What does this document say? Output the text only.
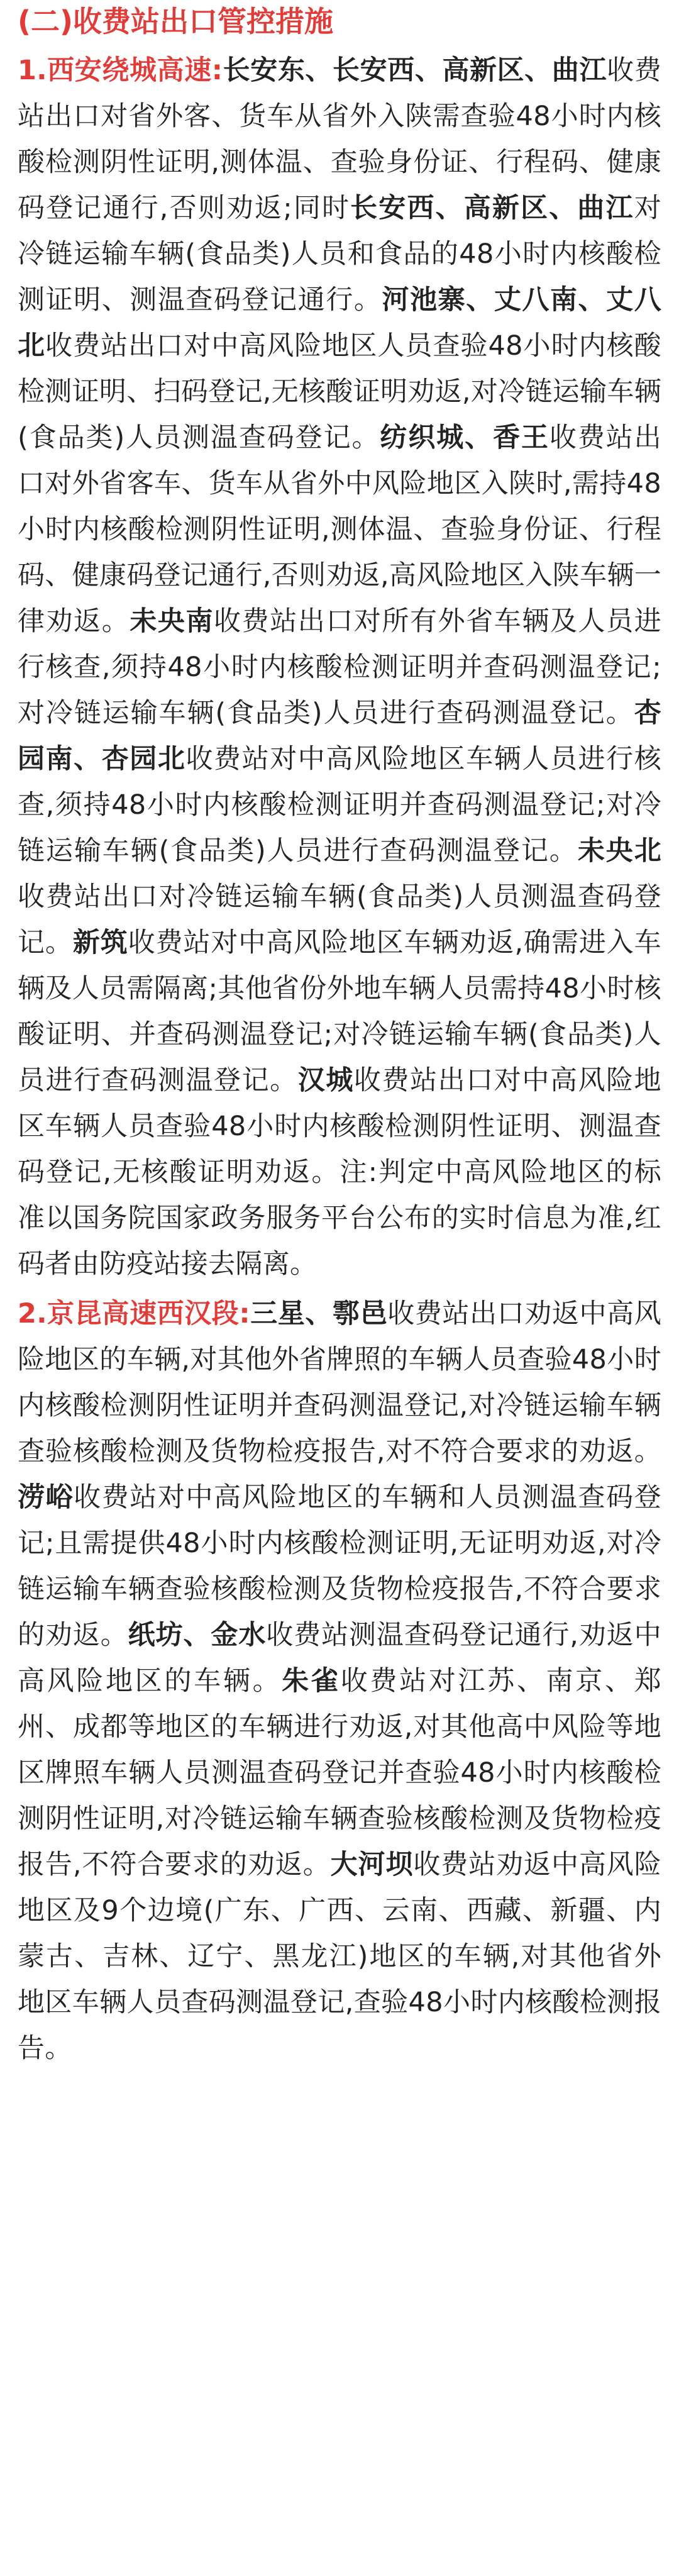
(二)收费站出口管控措施

1.西安绕城高速:长安东、长安西、高新区、曲江收费站出口对省外客、货车从省外入陕需查验48小时内核酸检测阴性证明,测体温、查验身份证、行程码、健康码登记通行,否则劝返;同时长安西、高新区、曲江对冷链运输车辆(食品类)人员和食品的48小时内核酸检测证明、测温查码登记通行。河池寨、丈八南、丈八北收费站出口对中高风险地区人员查验48小时内核酸检测证明、扫码登记,无核酸证明劝返,对冷链运输车辆(食品类)人员测温查码登记。纺织城、香王收费站出口对外省客车、货车从省外中风险地区入陕时,需持48小时内核酸检测阴性证明,测体温、查验身份证、行程码、健康码登记通行,否则劝返,高风险地区入陕车辆一律劝返。未央南收费站出口对所有外省车辆及人员进行核查,须持48小时内核酸检测证明并查码测温登记;对冷链运输车辆(食品类)人员进行查码测温登记。杏园南、杏园北收费站对中高风险地区车辆人员进行核查,须持48小时内核酸检测证明并查码测温登记;对冷链运输车辆(食品类)人员进行查码测温登记。未央北收费站出口对冷链运输车辆(食品类)人员测温查码登记。新筑收费站对中高风险地区车辆劝返,确需进入车辆及人员需隔离;其他省份外地车辆人员需持48小时核酸证明、并查码测温登记;对冷链运输车辆(食品类)人员进行查码测温登记。汉城收费站出口对中高风险地区车辆人员查验48小时内核酸检测阴性证明、测温查码登记,无核酸证明劝返。注:判定中高风险地区的标准以国务院国家政务服务平台公布的实时信息为准,红码者由防疫站接去隔离。

2.京昆高速西汉段:三星、鄠邑收费站出口劝返中高风险地区的车辆,对其他外省牌照的车辆人员查验48小时内核酸检测阴性证明并查码测温登记,对冷链运输车辆查验核酸检测及货物检疫报告,对不符合要求的劝返。涝峪收费站对中高风险地区的车辆和人员测温查码登记;且需提供48小时内核酸检测证明,无证明劝返,对冷链运输车辆查验核酸检测及货物检疫报告,不符合要求的劝返。纸坊、金水收费站测温查码登记通行,劝返中高风险地区的车辆。朱雀收费站对江苏、南京、郑州、成都等地区的车辆进行劝返,对其他高中风险等地区牌照车辆人员测温查码登记并查验48小时内核酸检测阴性证明,对冷链运输车辆查验核酸检测及货物检疫报告,不符合要求的劝返。大河坝收费站劝返中高风险地区及9个边境(广东、广西、云南、西藏、新疆、内蒙古、吉林、辽宁、黑龙江)地区的车辆,对其他省外地区车辆人员查码测温登记,查验48小时内核酸检测报告。
